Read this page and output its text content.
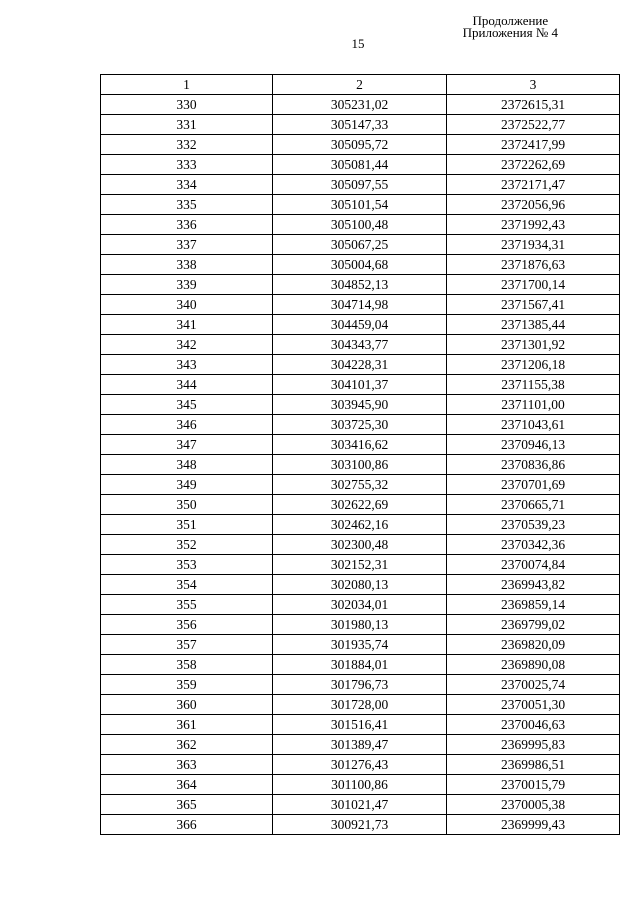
Продолжение
Приложения № 4
15
1	2	3
330	305231,02	2372615,31
331	305147,33	2372522,77
332	305095,72	2372417,99
333	305081,44	2372262,69
334	305097,55	2372171,47
335	305101,54	2372056,96
336	305100,48	2371992,43
337	305067,25	2371934,31
338	305004,68	2371876,63
339	304852,13	2371700,14
340	304714,98	2371567,41
341	304459,04	2371385,44
342	304343,77	2371301,92
343	304228,31	2371206,18
344	304101,37	2371155,38
345	303945,90	2371101,00
346	303725,30	2371043,61
347	303416,62	2370946,13
348	303100,86	2370836,86
349	302755,32	2370701,69
350	302622,69	2370665,71
351	302462,16	2370539,23
352	302300,48	2370342,36
353	302152,31	2370074,84
354	302080,13	2369943,82
355	302034,01	2369859,14
356	301980,13	2369799,02
357	301935,74	2369820,09
358	301884,01	2369890,08
359	301796,73	2370025,74
360	301728,00	2370051,30
361	301516,41	2370046,63
362	301389,47	2369995,83
363	301276,43	2369986,51
364	301100,86	2370015,79
365	301021,47	2370005,38
366	300921,73	2369999,43
